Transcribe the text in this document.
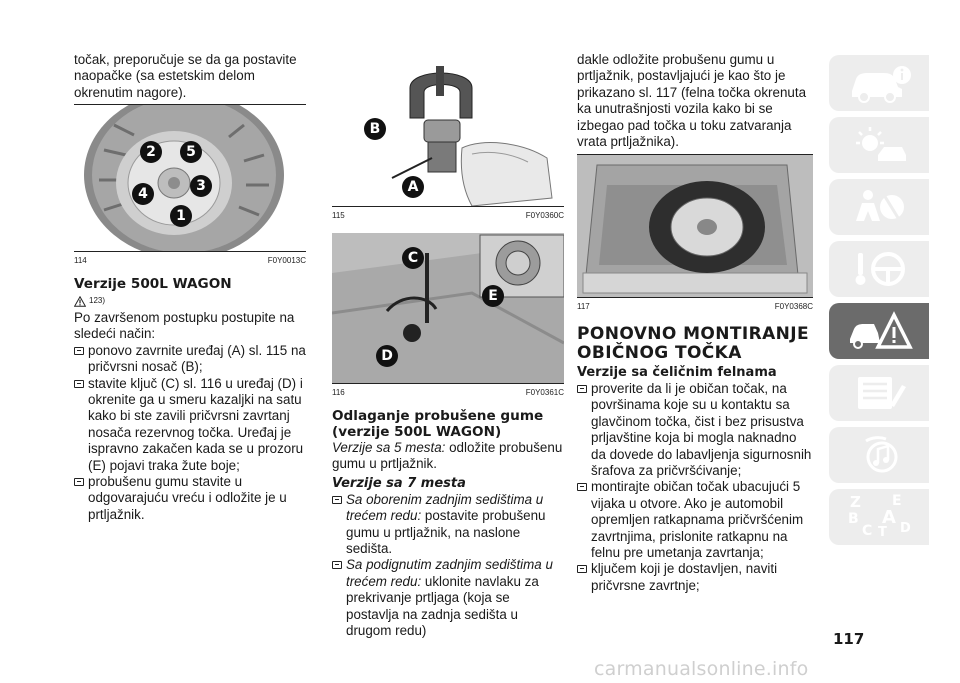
točak, preporučuje se da ga postavite naopačke (sa estetskim delom okrenutim nagore).

2	5
4	3
1
114	F0Y0013C
Verzije 500L WAGON
123)

Po završenom postupku postupite na sledeći način:

ponovo zavrnite uređaj (A) sl. 115 na pričvrsni nosač (B);
stavite ključ (C) sl. 116 u uređaj (D) i okrenite ga u smeru kazaljki na satu kako bi ste zavili pričvrsni zavrtanj nosača rezervnog točka. Uređaj je ispravno zakačen kada se u prozoru (E) pojavi traka žute boje;
probušenu gumu stavite u odgovarajuću vreću i odložite je u prtljažnik.
B
A
115	F0Y0360C
C
E
D
116	F0Y0361C
Odlaganje probušene gume (verzije 500L WAGON)

Verzije sa 5 mesta: odložite probušenu gumu u prtljažnik.

Verzije sa 7 mesta
Sa oborenim zadnjim sedištima u trećem redu: postavite probušenu gumu u prtljažnik, na naslone sedišta.
Sa podignutim zadnjim sedištima u trećem redu: uklonite navlaku za prekrivanje prtljaga (koja se postavlja na zadnja sedišta u drugom redu)

dakle odložite probušenu gumu u prtljažnik, postavljajući je kao što je prikazano sl. 117 (felna točka okrenuta ka unutrašnjosti vozila kako bi se izbegao pad točka u toku zatvaranja vrata prtljažnika).

117	F0Y0368C
PONOVNO MONTIRANJE OBIČNOG TOČKA
Verzije sa čeličnim felnama
proverite da li je običan točak, na površinama koje su u kontaktu sa glavčinom točka, čist i bez prisustva prljavštine koja bi mogla naknadno da dovede do labavljenja sigurnosnih šrafova za pričvršćivanje;
montirajte običan točak ubacujući 5 vijaka u otvore. Ako je automobil opremljen ratkapnama pričvršćenim zavrtnjima, prislonite ratkapnu na felnu pre umetanja zavrtanja;
ključem koji je dostavljen, naviti pričvrsne zavrtnje;
Z E
B A
C T D
117
carmanualsonline.info
